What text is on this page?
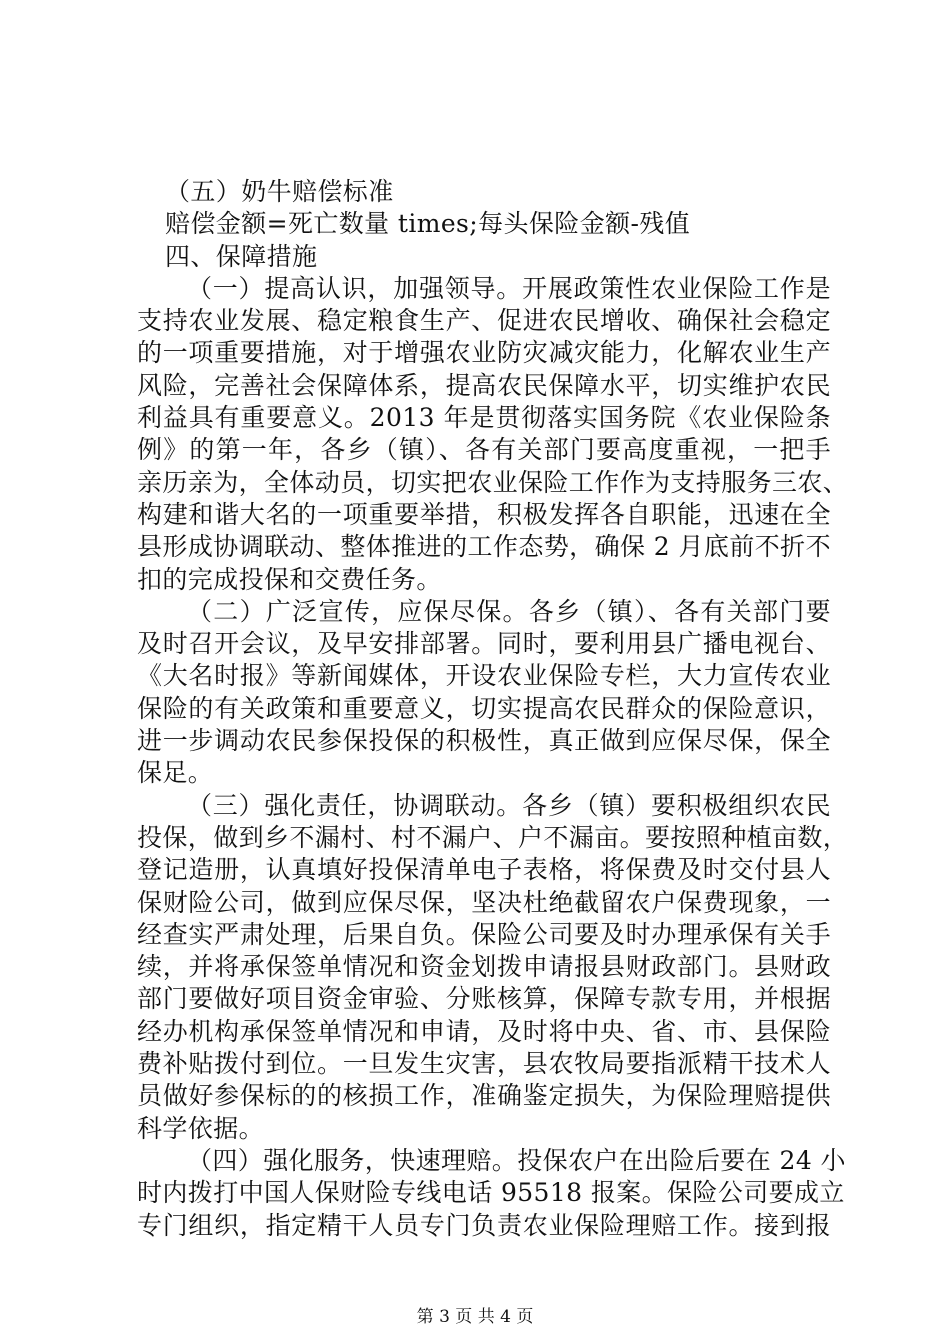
（五）奶牛赔偿标准
赔偿金额=死亡数量 times;每头保险金额-残值
四、保障措施
（一）提高认识，加强领导。开展政策性农业保险工作是
支持农业发展、稳定粮食生产、促进农民增收、确保社会稳定
的一项重要措施，对于增强农业防灾减灾能力，化解农业生产
风险，完善社会保障体系，提高农民保障水平，切实维护农民
利益具有重要意义。2013 年是贯彻落实国务院《农业保险条
例》的第一年，各乡（镇）、各有关部门要高度重视，一把手
亲历亲为，全体动员，切实把农业保险工作作为支持服务三农、
构建和谐大名的一项重要举措，积极发挥各自职能，迅速在全
县形成协调联动、整体推进的工作态势，确保 2 月底前不折不
扣的完成投保和交费任务。
（二）广泛宣传，应保尽保。各乡（镇）、各有关部门要
及时召开会议，及早安排部署。同时，要利用县广播电视台、
《大名时报》等新闻媒体，开设农业保险专栏，大力宣传农业
保险的有关政策和重要意义，切实提高农民群众的保险意识，
进一步调动农民参保投保的积极性，真正做到应保尽保，保全
保足。
（三）强化责任，协调联动。各乡（镇）要积极组织农民
投保，做到乡不漏村、村不漏户、户不漏亩。要按照种植亩数，
登记造册，认真填好投保清单电子表格，将保费及时交付县人
保财险公司，做到应保尽保，坚决杜绝截留农户保费现象，一
经查实严肃处理，后果自负。保险公司要及时办理承保有关手
续，并将承保签单情况和资金划拨申请报县财政部门。县财政
部门要做好项目资金审验、分账核算，保障专款专用，并根据
经办机构承保签单情况和申请，及时将中央、省、市、县保险
费补贴拨付到位。一旦发生灾害，县农牧局要指派精干技术人
员做好参保标的的核损工作，准确鉴定损失，为保险理赔提供
科学依据。
（四）强化服务，快速理赔。投保农户在出险后要在 24 小
时内拨打中国人保财险专线电话 95518 报案。保险公司要成立
专门组织，指定精干人员专门负责农业保险理赔工作。接到报
第 3 页 共 4 页
